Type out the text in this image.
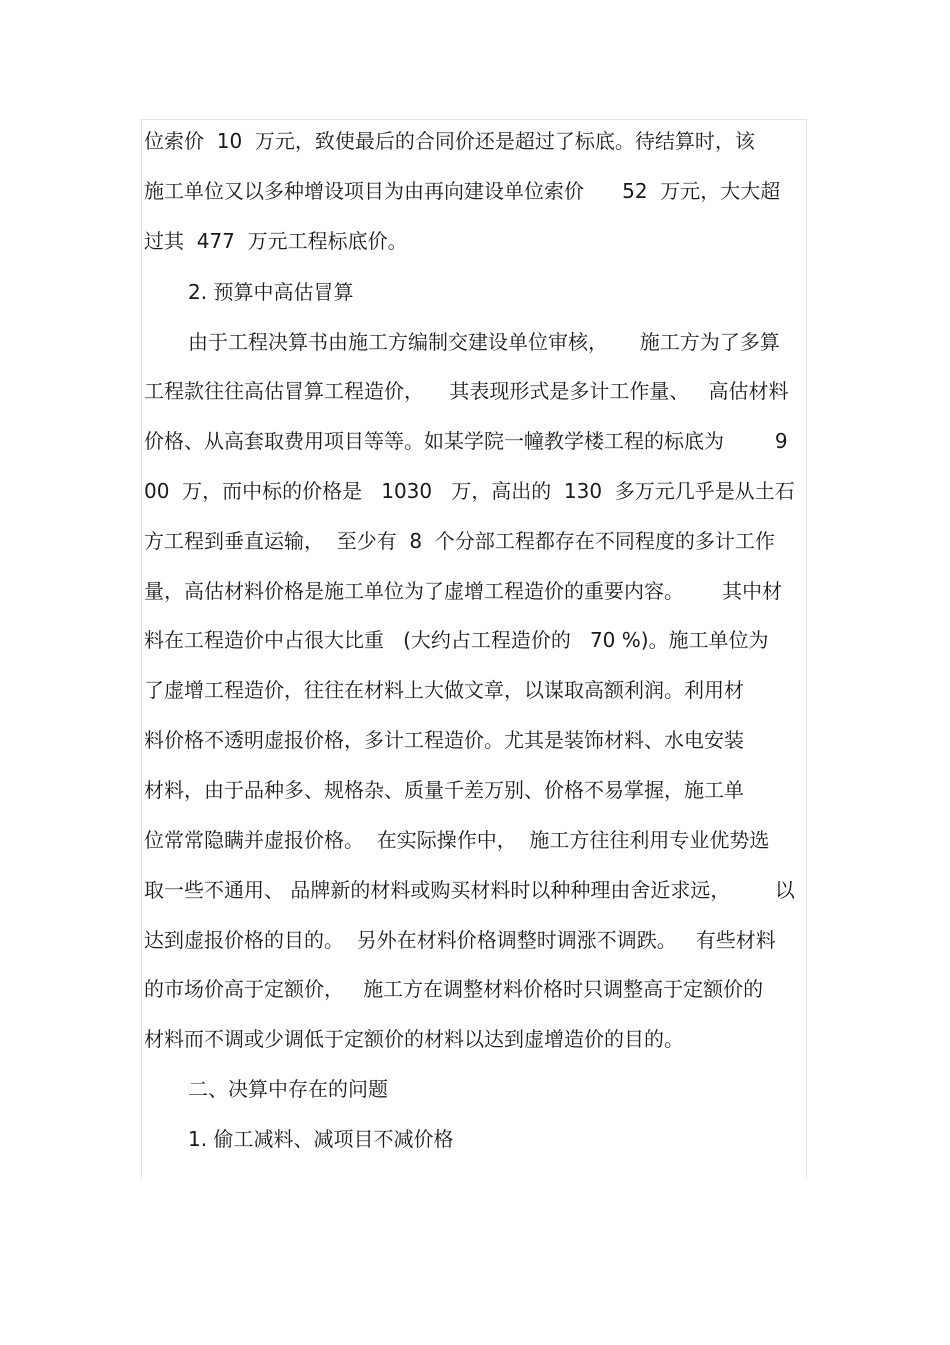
位索价  10  万元，致使最后的合同价还是超过了标底。待结算时，该

施工单位又以多种增设项目为由再向建设单位索价      52  万元，大大超

过其  477  万元工程标底价。

2. 预算中高估冒算

由于工程决算书由施工方编制交建设单位审核，     施工方为了多算

工程款往往高估冒算工程造价，    其表现形式是多计工作量、   高估材料

价格、从高套取费用项目等等。如某学院一幢教学楼工程的标底为        9

00  万，而中标的价格是   1030   万，高出的  130  多万元几乎是从土石

方工程到垂直运输，  至少有  8  个分部工程都存在不同程度的多计工作

量，高估材料价格是施工单位为了虚增工程造价的重要内容。      其中材

料在工程造价中占很大比重   (大约占工程造价的   70 %)。施工单位为

了虚增工程造价，往往在材料上大做文章，以谋取高额利润。利用材

料价格不透明虚报价格，多计工程造价。尤其是装饰材料、水电安装

材料，由于品种多、规格杂、质量千差万别、价格不易掌握，施工单

位常常隐瞒并虚报价格。  在实际操作中，  施工方往往利用专业优势选

取一些不通用、 品牌新的材料或购买材料时以种种理由舍近求远，       以

达到虚报价格的目的。  另外在材料价格调整时调涨不调跌。   有些材料

的市场价高于定额价，   施工方在调整材料价格时只调整高于定额价的

材料而不调或少调低于定额价的材料以达到虚增造价的目的。

二、决算中存在的问题

1. 偷工减料、减项目不减价格
